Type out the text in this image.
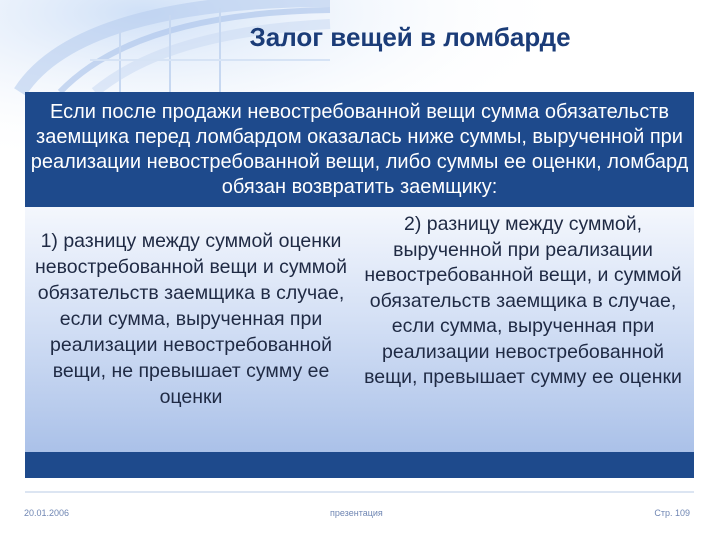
Залог вещей в ломбарде
Если после продажи невостребованной вещи сумма обязательств заемщика перед ломбардом оказалась ниже суммы, вырученной при реализации невостребованной вещи, либо суммы ее оценки, ломбард обязан возвратить заемщику:
1) разницу между суммой оценки невостребованной вещи и суммой обязательств заемщика в случае, если сумма, вырученная при реализации невостребованной вещи, не превышает сумму ее оценки
2) разницу между суммой, вырученной при реализации невостребованной вещи, и суммой обязательств заемщика в случае, если сумма, вырученная при реализации невостребованной вещи, превышает сумму ее оценки
20.01.2006	презентация	Стр. 109
